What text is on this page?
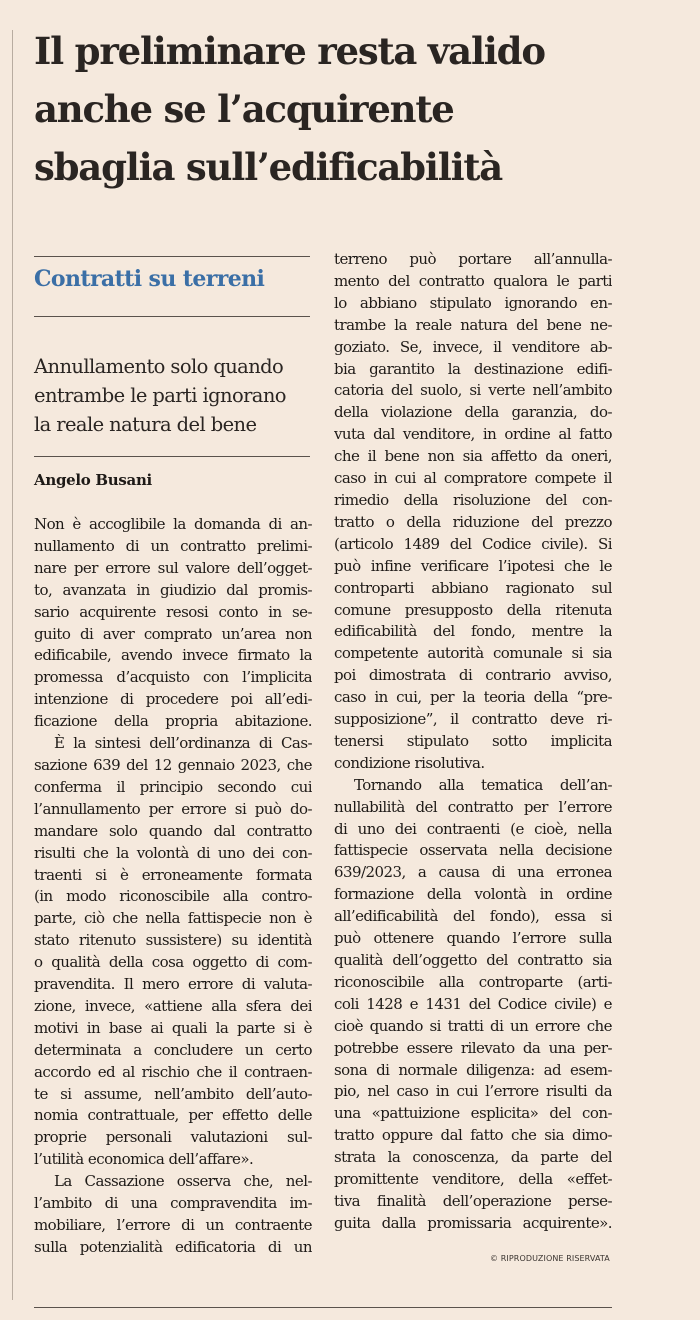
Il preliminare resta valido
anche se l’acquirente
sbaglia sull’edificabilità
Contratti su terreni

Annullamento solo quando
entrambe le parti ignorano
la reale natura del bene

Angelo Busani
Non è accoglibile la domanda di an-
nullamento di un contratto prelimi-
nare per errore sul valore dell’ogget-
to, avanzata in giudizio dal promis-
sario acquirente resosi conto in se-
guito di aver comprato un’area non
edificabile, avendo invece firmato la
promessa d’acquisto con l’implicita
intenzione di procedere poi all’edi-
ficazione della propria abitazione.
È la sintesi dell’ordinanza di Cas-
sazione 639 del 12 gennaio 2023, che
conferma il principio secondo cui
l’annullamento per errore si può do-
mandare solo quando dal contratto
risulti che la volontà di uno dei con-
traenti si è erroneamente formata
(in modo riconoscibile alla contro-
parte, ciò che nella fattispecie non è
stato ritenuto sussistere) su identità
o qualità della cosa oggetto di com-
pravendita. Il mero errore di valuta-
zione, invece, «attiene alla sfera dei
motivi in base ai quali la parte si è
determinata a concludere un certo
accordo ed al rischio che il contraen-
te si assume, nell’ambito dell’auto-
nomia contrattuale, per effetto delle
proprie personali valutazioni sul-
l’utilità economica dell’affare».
La Cassazione osserva che, nel-
l’ambito di una compravendita im-
mobiliare, l’errore di un contraente
sulla potenzialità edificatoria di un
terreno può portare all’annulla-
mento del contratto qualora le parti
lo abbiano stipulato ignorando en-
trambe la reale natura del bene ne-
goziato. Se, invece, il venditore ab-
bia garantito la destinazione edifi-
catoria del suolo, si verte nell’ambito
della violazione della garanzia, do-
vuta dal venditore, in ordine al fatto
che il bene non sia affetto da oneri,
caso in cui al compratore compete il
rimedio della risoluzione del con-
tratto o della riduzione del prezzo
(articolo 1489 del Codice civile). Si
può infine verificare l’ipotesi che le
controparti abbiano ragionato sul
comune presupposto della ritenuta
edificabilità del fondo, mentre la
competente autorità comunale si sia
poi dimostrata di contrario avviso,
caso in cui, per la teoria della “pre-
supposizione”, il contratto deve ri-
tenersi stipulato sotto implicita
condizione risolutiva.
Tornando alla tematica dell’an-
nullabilità del contratto per l’errore
di uno dei contraenti (e cioè, nella
fattispecie osservata nella decisione
639/2023, a causa di una erronea
formazione della volontà in ordine
all’edificabilità del fondo), essa si
può ottenere quando l’errore sulla
qualità dell’oggetto del contratto sia
riconoscibile alla controparte (arti-
coli 1428 e 1431 del Codice civile) e
cioè quando si tratti di un errore che
potrebbe essere rilevato da una per-
sona di normale diligenza: ad esem-
pio, nel caso in cui l’errore risulti da
una «pattuizione esplicita» del con-
tratto oppure dal fatto che sia dimo-
strata la conoscenza, da parte del
promittente venditore, della «effet-
tiva finalità dell’operazione perse-
guita dalla promissaria acquirente».
© RIPRODUZIONE RISERVATA
